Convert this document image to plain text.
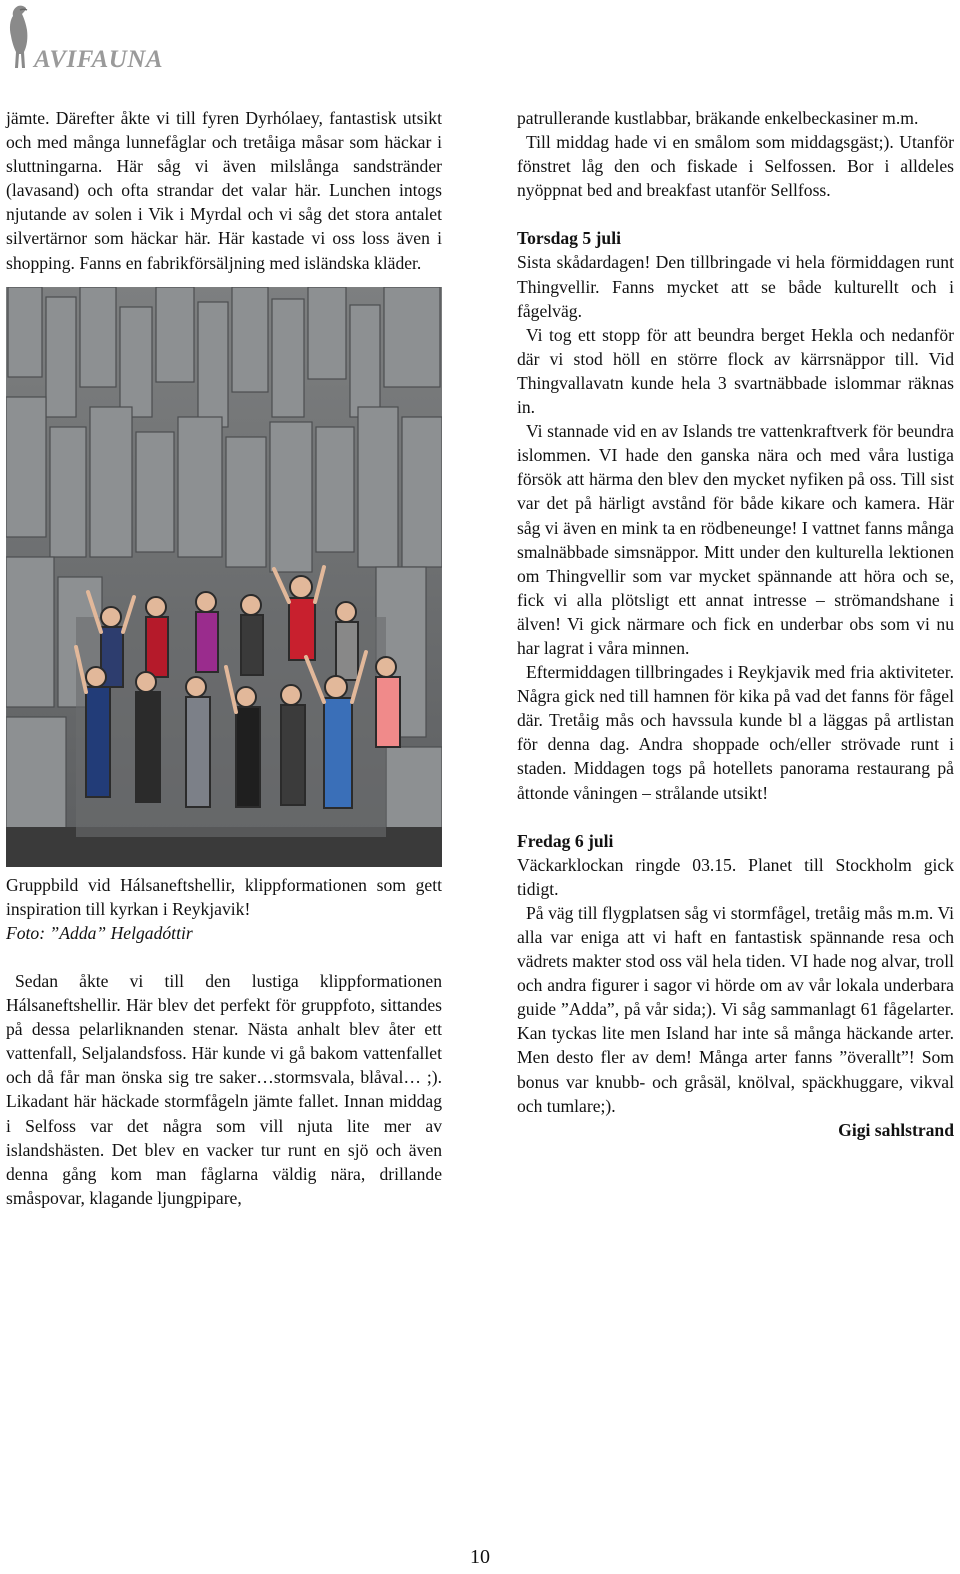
AVIFAUNA

jämte. Därefter åkte vi till fyren Dyrhólaey, fantastisk utsikt och med många lunnefåglar och tretåiga måsar som häckar i sluttningarna. Här såg vi även milslånga sandstränder (lavasand) och ofta strandar det valar här. Lunchen intogs njutande av solen i Vik i Myrdal och vi såg det stora antalet silvertärnor som häckar här. Här kastade vi oss loss även i shopping. Fanns en fabrikförsäljning med isländska kläder.

Gruppbild vid Hálsaneftshellir, klippformationen som gett inspiration till kyrkan i Reykjavik!

Foto: ”Adda” Helgadóttir

Sedan åkte vi till den lustiga klippformationen Hálsaneftshellir. Här blev det perfekt för gruppfoto, sittandes på dessa pelarliknanden stenar. Nästa anhalt blev åter ett vattenfall, Seljalandsfoss. Här kunde vi gå bakom vattenfallet och då får man önska sig tre saker…stormsvala, blåval… ;). Likadant här häckade stormfågeln jämte fallet. Innan middag i Selfoss var det några som vill njuta lite mer av islandshästen. Det blev en vacker tur runt en sjö och även denna gång kom man fåglarna väldig nära, drillande småspovar, klagande ljungpipare,

patrullerande kustlabbar, bräkande enkelbeckasiner m.m.

Till middag hade vi en smålom som middagsgäst;). Utanför fönstret låg den och fiskade i Selfossen. Bor i alldeles nyöppnat bed and breakfast utanför Sellfoss.

Torsdag 5 juli

Sista skådardagen! Den tillbringade vi hela förmiddagen runt Thingvellir. Fanns mycket att se både kulturellt och i fågelväg.

Vi tog ett stopp för att beundra berget Hekla och nedanför där vi stod höll en större flock av kärrsnäppor till. Vid Thingvallavatn kunde hela 3 svartnäbbade islommar räknas in.

Vi stannade vid en av Islands tre vattenkraftverk för beundra islommen. VI hade den ganska nära och med våra lustiga försök att härma den blev den mycket nyfiken på oss. Till sist var det på härligt avstånd för både kikare och kamera. Här såg vi även en mink ta en rödbeneunge! I vattnet fanns många smalnäbbade simsnäppor. Mitt under den kulturella lektionen om Thingvellir som var mycket spännande att höra och se, fick vi alla plötsligt ett annat intresse – strömandshane i älven! Vi gick närmare och fick en underbar obs som vi nu har lagrat i våra minnen.

Eftermiddagen tillbringades i Reykjavik med fria aktiviteter. Några gick ned till hamnen för kika på vad det fanns för fågel där. Tretåig mås och havssula kunde bl a läggas på artlistan för denna dag. Andra shoppade och/eller strövade runt i staden. Middagen togs på hotellets panorama restaurang på åttonde våningen – strålande utsikt!

Fredag 6 juli

Väckarklockan ringde 03.15. Planet till Stockholm gick tidigt.

På väg till flygplatsen såg vi stormfågel, tretåig mås m.m. Vi alla var eniga att vi haft en fantastisk spännande resa och vädrets makter stod oss väl hela tiden. VI hade nog alvar, troll och andra figurer i sagor vi hörde om av vår lokala underbara guide ”Adda”, på vår sida;). Vi såg sammanlagt 61 fågelarter. Kan tyckas lite men Island har inte så många häckande arter. Men desto fler av dem! Många arter fanns ”överallt”! Som bonus var knubb- och gråsäl, knölval, späckhuggare, vikval och tumlare;).

Gigi sahlstrand

10
